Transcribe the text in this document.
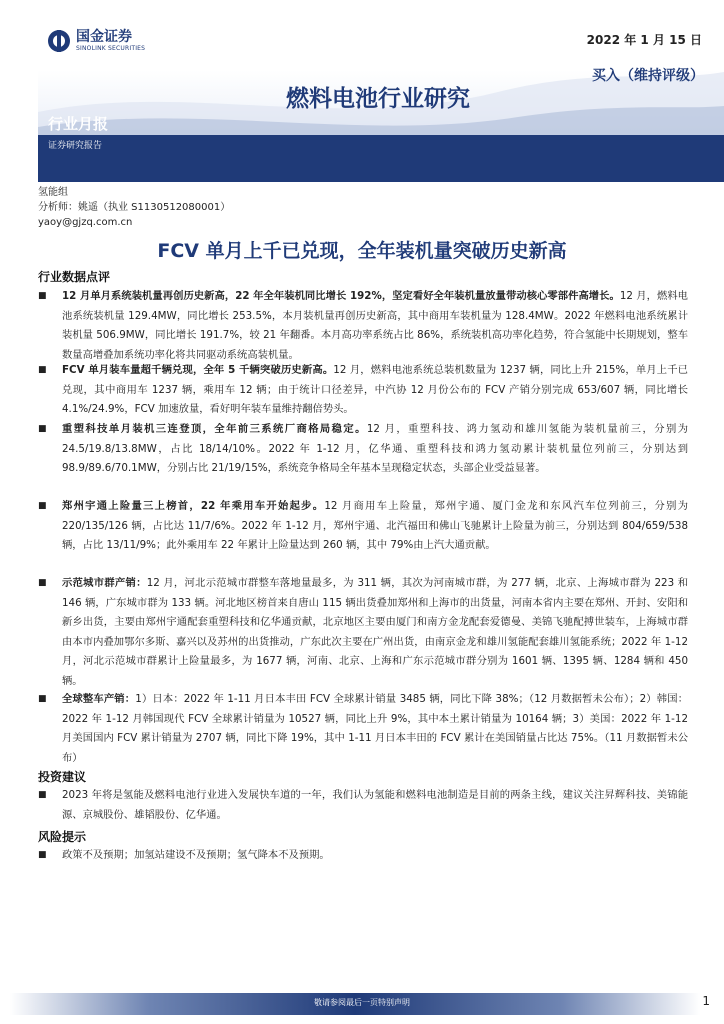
国金证券
SINOLINK SECURITIES
2022 年 1 月 15 日
买入（维持评级）
燃料电池行业研究
行业月报
证券研究报告
氢能组
分析师：姚遥（执业 S1130512080001）
yaoy@gjzq.com.cn
FCV 单月上千已兑现，全年装机量突破历史新高
行业数据点评
■ 12 月单月系统装机量再创历史新高，22 年全年装机同比增长 192%，坚定看好全年装机量放量带动核心零部件高增长。12 月，燃料电池系统装机量 129.4MW，同比增长 253.5%，本月装机量再创历史新高，其中商用车装机量为 128.4MW。2022 年燃料电池系统累计装机量 506.9MW，同比增长 191.7%，较 21 年翻番。本月高功率系统占比 86%，系统装机高功率化趋势，符合氢能中长期规划，整车数量高增叠加系统功率化将共同驱动系统高装机量。
■ FCV 单月装车量超千辆兑现，全年 5 千辆突破历史新高。12 月，燃料电池系统总装机数量为 1237 辆，同比上升 215%，单月上千已兑现，其中商用车 1237 辆，乘用车 12 辆；由于统计口径差异，中汽协 12 月份公布的 FCV 产销分别完成 653/607 辆，同比增长 4.1%/24.9%，FCV 加速放量，看好明年装车量维持翻倍势头。
■ 重塑科技单月装机三连登顶，全年前三系统厂商格局稳定。12 月，重塑科技、鸿力氢动和雄川氢能为装机量前三，分别为 24.5/19.8/13.8MW，占比 18/14/10%。2022 年 1-12 月，亿华通、重塑科技和鸿力氢动累计装机量位列前三，分别达到 98.9/89.6/70.1MW，分别占比 21/19/15%，系统竞争格局全年基本呈现稳定状态，头部企业受益显著。
■ 郑州宇通上险量三上榜首，22 年乘用车开始起步。12 月商用车上险量，郑州宇通、厦门金龙和东风汽车位列前三，分别为 220/135/126 辆，占比达 11/7/6%。2022 年 1-12 月，郑州宇通、北汽福田和佛山飞驰累计上险量为前三，分别达到 804/659/538 辆，占比 13/11/9%；此外乘用车 22 年累计上险量达到 260 辆，其中 79%由上汽大通贡献。
■ 示范城市群产销：12 月，河北示范城市群整车落地量最多，为 311 辆，其次为河南城市群，为 277 辆，北京、上海城市群为 223 和 146 辆，广东城市群为 133 辆。河北地区榜首来自唐山 115 辆出货叠加郑州和上海市的出货量，河南本省内主要在郑州、开封、安阳和新乡出货，主要由郑州宇通配套重塑科技和亿华通贡献，北京地区主要由厦门和南方金龙配套爱德曼、美锦飞驰配搏世装车，上海城市群由本市内叠加鄂尔多斯、嘉兴以及苏州的出货推动，广东此次主要在广州出货，由南京金龙和雄川氢能配套雄川氢能系统；2022 年 1-12 月，河北示范城市群累计上险量最多，为 1677 辆，河南、北京、上海和广东示范城市群分别为 1601 辆、1395 辆、1284 辆和 450 辆。
■ 全球整车产销：1）日本：2022 年 1-11 月日本丰田 FCV 全球累计销量 3485 辆，同比下降 38%；（12 月数据暂未公布）；2）韩国：2022 年 1-12 月韩国现代 FCV 全球累计销量为 10527 辆，同比上升 9%，其中本土累计销量为 10164 辆；3）美国：2022 年 1-12 月美国国内 FCV 累计销量为 2707 辆，同比下降 19%，其中 1-11 月日本丰田的 FCV 累计在美国销量占比达 75%。（11 月数据暂未公布）
投资建议
■ 2023 年将是氢能及燃料电池行业进入发展快车道的一年，我们认为氢能和燃料电池制造是目前的两条主线，建议关注昇辉科技、美锦能源、京城股份、雄韬股份、亿华通。
风险提示
■ 政策不及预期；加氢站建设不及预期；氢气降本不及预期。
敬请参阅最后一页特别声明	1
